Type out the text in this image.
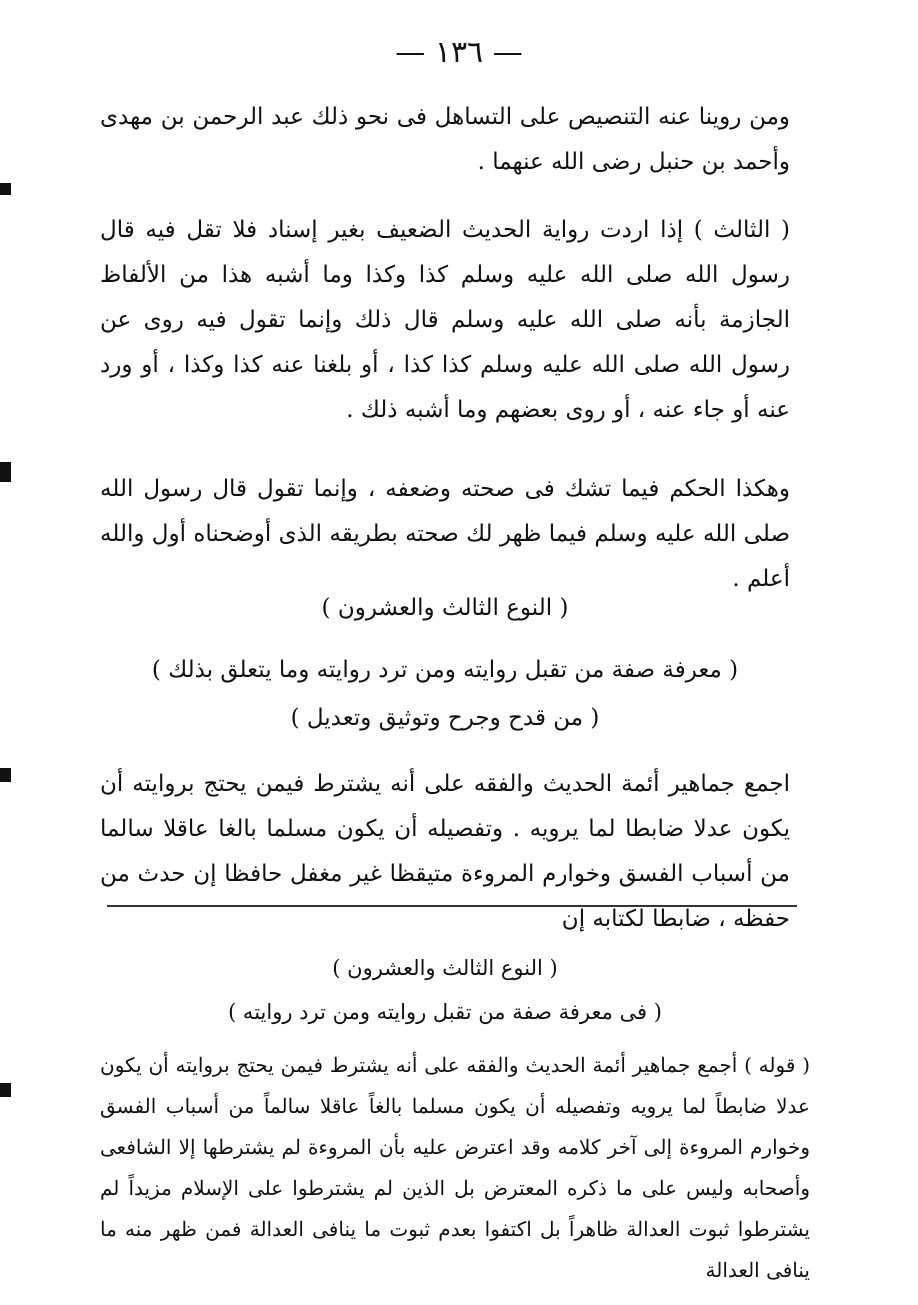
— ١٣٦ —

ومن روينا عنه التنصيص على التساهل فى نحو ذلك عبد الرحمن بن مهدى وأحمد بن حنبل رضى الله عنهما .

( الثالث ) إذا اردت رواية الحديث الضعيف بغير إسناد فلا تقل فيه قال رسول الله صلى الله عليه وسلم كذا وكذا وما أشبه هذا من الألفاظ الجازمة بأنه صلى الله عليه وسلم قال ذلك وإنما تقول فيه روى عن رسول الله صلى الله عليه وسلم كذا كذا ، أو بلغنا عنه كذا وكذا ، أو ورد عنه أو جاء عنه ، أو روى بعضهم وما أشبه ذلك .

وهكذا الحكم فيما تشك فى صحته وضعفه ، وإنما تقول قال رسول الله صلى الله عليه وسلم فيما ظهر لك صحته بطريقه الذى أوضحناه أول والله أعلم .

( النوع الثالث والعشرون )
( معرفة صفة من تقبل روايته ومن ترد روايته وما يتعلق بذلك )
( من قدح وجرح وتوثيق وتعديل )

اجمع جماهير أئمة الحديث والفقه على أنه يشترط فيمن يحتج بروايته أن يكون عدلا ضابطا لما يرويه . وتفصيله أن يكون مسلما بالغا عاقلا سالما من أسباب الفسق وخوارم المروءة متيقظا غير مغفل حافظا إن حدث من حفظه ، ضابطا لكتابه إن

( النوع الثالث والعشرون )
( فى معرفة صفة من تقبل روايته ومن ترد روايته )

( قوله ) أجمع جماهير أئمة الحديث والفقه على أنه يشترط فيمن يحتج بروايته أن يكون عدلا ضابطاً لما يرويه وتفصيله أن يكون مسلما بالغاً عاقلا سالماً من أسباب الفسق وخوارم المروءة إلى آخر كلامه وقد اعترض عليه بأن المروءة لم يشترطها إلا الشافعى وأصحابه وليس على ما ذكره المعترض بل الذين لم يشترطوا على الإسلام مزيداً لم يشترطوا ثبوت العدالة ظاهراً بل اكتفوا بعدم ثبوت ما ينافى العدالة فمن ظهر منه ما ينافى العدالة
